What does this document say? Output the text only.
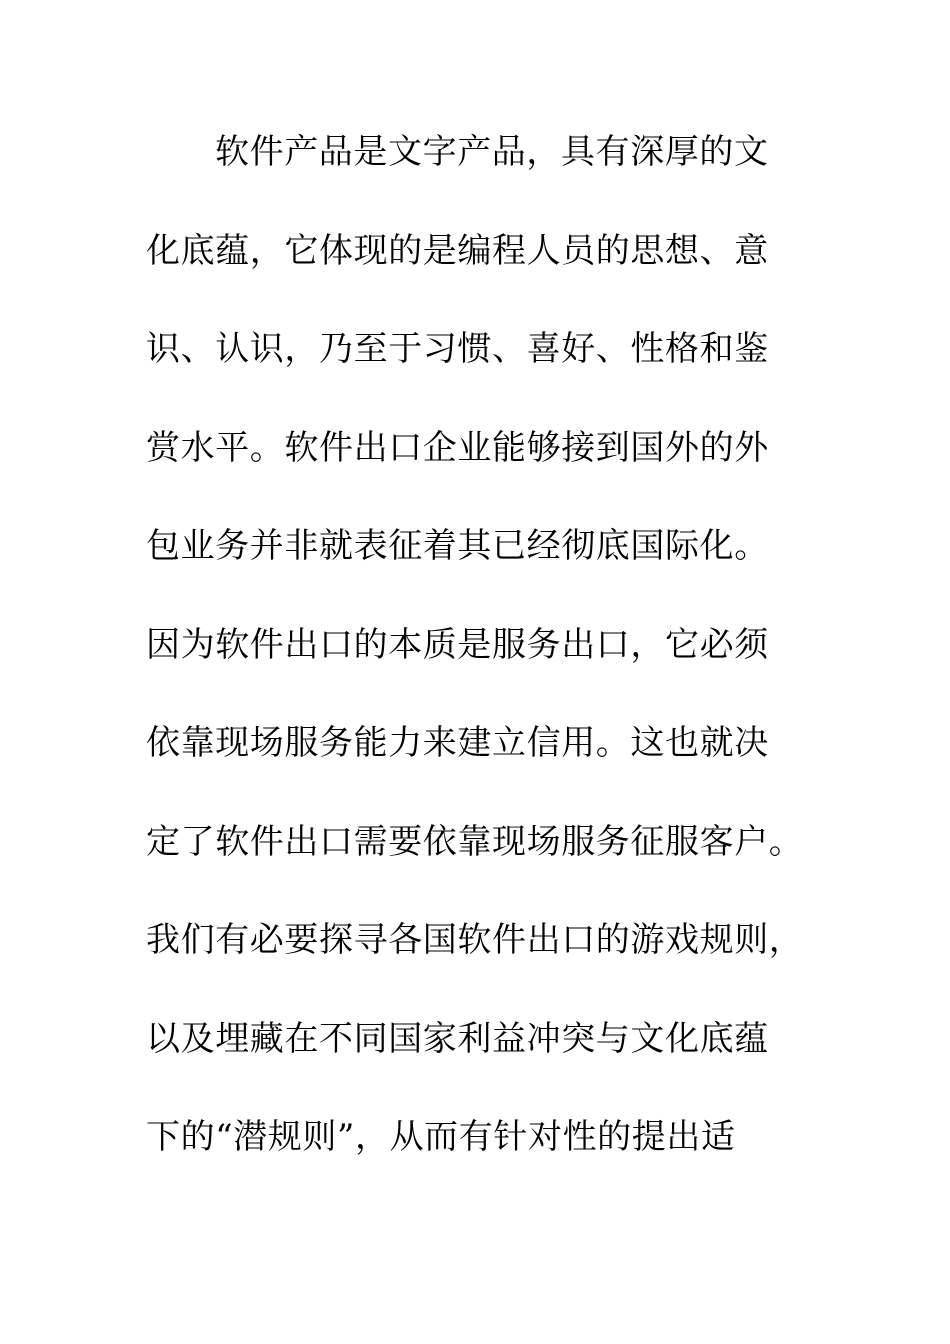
软件产品是文字产品，具有深厚的文
化底蕴，它体现的是编程人员的思想、意
识、认识，乃至于习惯、喜好、性格和鉴
赏水平。软件出口企业能够接到国外的外
包业务并非就表征着其已经彻底国际化。
因为软件出口的本质是服务出口，它必须
依靠现场服务能力来建立信用。这也就决
定了软件出口需要依靠现场服务征服客户。
我们有必要探寻各国软件出口的游戏规则，
以及埋藏在不同国家利益冲突与文化底蕴
下的“潜规则”，从而有针对性的提出适
